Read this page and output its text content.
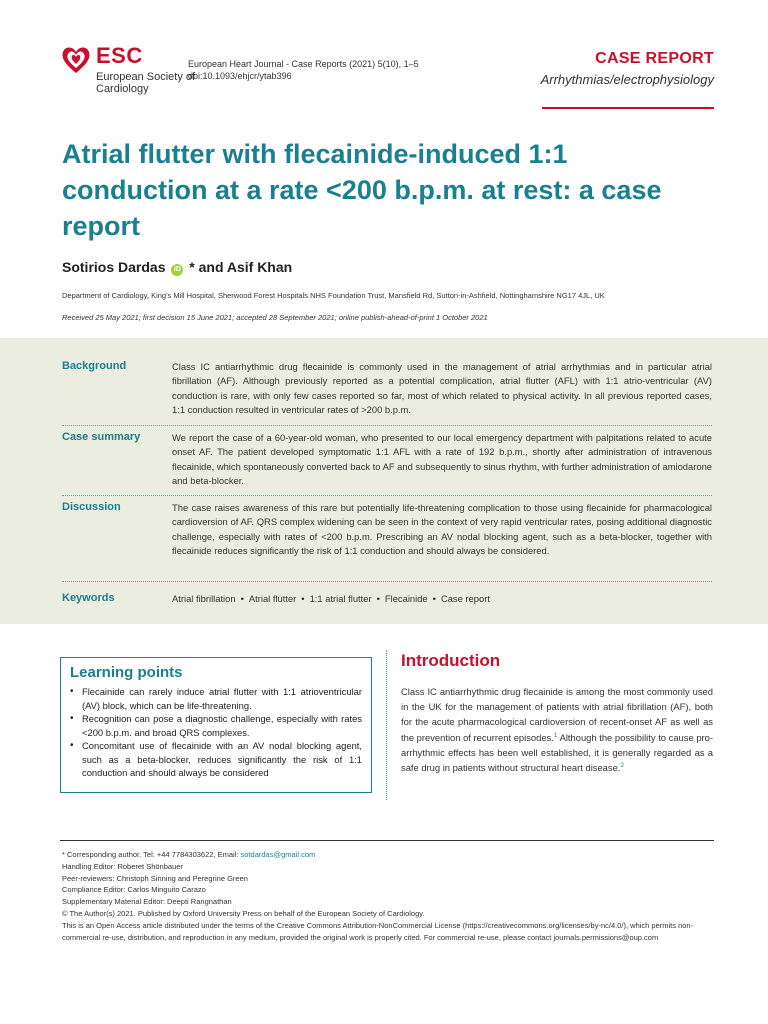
ESC
European Society of Cardiology
European Heart Journal - Case Reports (2021) 5(10), 1–5
doi:10.1093/ehjcr/ytab396
CASE REPORT
Arrhythmias/electrophysiology
Atrial flutter with flecainide-induced 1:1 conduction at a rate <200 b.p.m. at rest: a case report
Sotirios Dardas iD * and Asif Khan
Department of Cardiology, King's Mill Hospital, Sherwood Forest Hospitals NHS Foundation Trust, Mansfield Rd, Sutton-in-Ashfield, Nottinghamshire NG17 4JL, UK
Received 25 May 2021; first decision 15 June 2021; accepted 28 September 2021; online publish-ahead-of-print 1 October 2021
Background	Class IC antiarrhythmic drug flecainide is commonly used in the management of atrial arrhythmias and in particular atrial fibrillation (AF). Although previously reported as a potential complication, atrial flutter (AFL) with 1:1 atrio-ventricular (AV) conduction is rare, with only few cases reported so far, most of which related to physical activity. In all previous reported cases, 1:1 conduction resulted in ventricular rates of >200 b.p.m.
Case summary	We report the case of a 60-year-old woman, who presented to our local emergency department with palpitations related to acute onset AF. The patient developed symptomatic 1:1 AFL with a rate of 192 b.p.m., shortly after administration of intravenous flecainide, which spontaneously converted back to AF and subsequently to sinus rhythm, with further administration of amiodarone and beta-blocker.
Discussion	The case raises awareness of this rare but potentially life-threatening complication to those using flecainide for pharmacological cardioversion of AF. QRS complex widening can be seen in the context of very rapid ventricular rates, posing additional diagnostic challenge, especially with rates of <200 b.p.m. Prescribing an AV nodal blocking agent, such as a beta-blocker, together with flecainide reduces significantly the risk of 1:1 conduction and should always be considered.
Keywords	Atrial fibrillation • Atrial flutter • 1:1 atrial flutter • Flecainide • Case report
Learning points
• Flecainide can rarely induce atrial flutter with 1:1 atrioventricular (AV) block, which can be life-threatening.
• Recognition can pose a diagnostic challenge, especially with rates <200 b.p.m. and broad QRS complexes.
• Concomitant use of flecainide with an AV nodal blocking agent, such as a beta-blocker, reduces significantly the risk of 1:1 conduction and should always be considered
Introduction

Class IC antiarrhythmic drug flecainide is among the most commonly used in the UK for the management of patients with atrial fibrillation (AF), both for the acute pharmacological cardioversion of recent-onset AF as well as the prevention of recurrent episodes.$^1$ Although the possibility to cause pro-arrhythmic effects has been well established, it is generally regarded as a safe drug in patients without structural heart disease.$^2$

* Corresponding author. Tel: +44 7784303622, Email: sotdardas@gmail.com
Handling Editor: Roberet Shönbauer
Peer-reviewers: Christoph Sinning and Peregrine Green
Compliance Editor: Carlos Minguito Carazo
Supplementary Material Editor: Deepti Rangnathan
© The Author(s) 2021. Published by Oxford University Press on behalf of the European Society of Cardiology.
This is an Open Access article distributed under the terms of the Creative Commons Attribution-NonCommercial License (https://creativecommons.org/licenses/by-nc/4.0/), which permits non-commercial re-use, distribution, and reproduction in any medium, provided the original work is properly cited. For commercial re-use, please contact journals.permissions@oup.com
